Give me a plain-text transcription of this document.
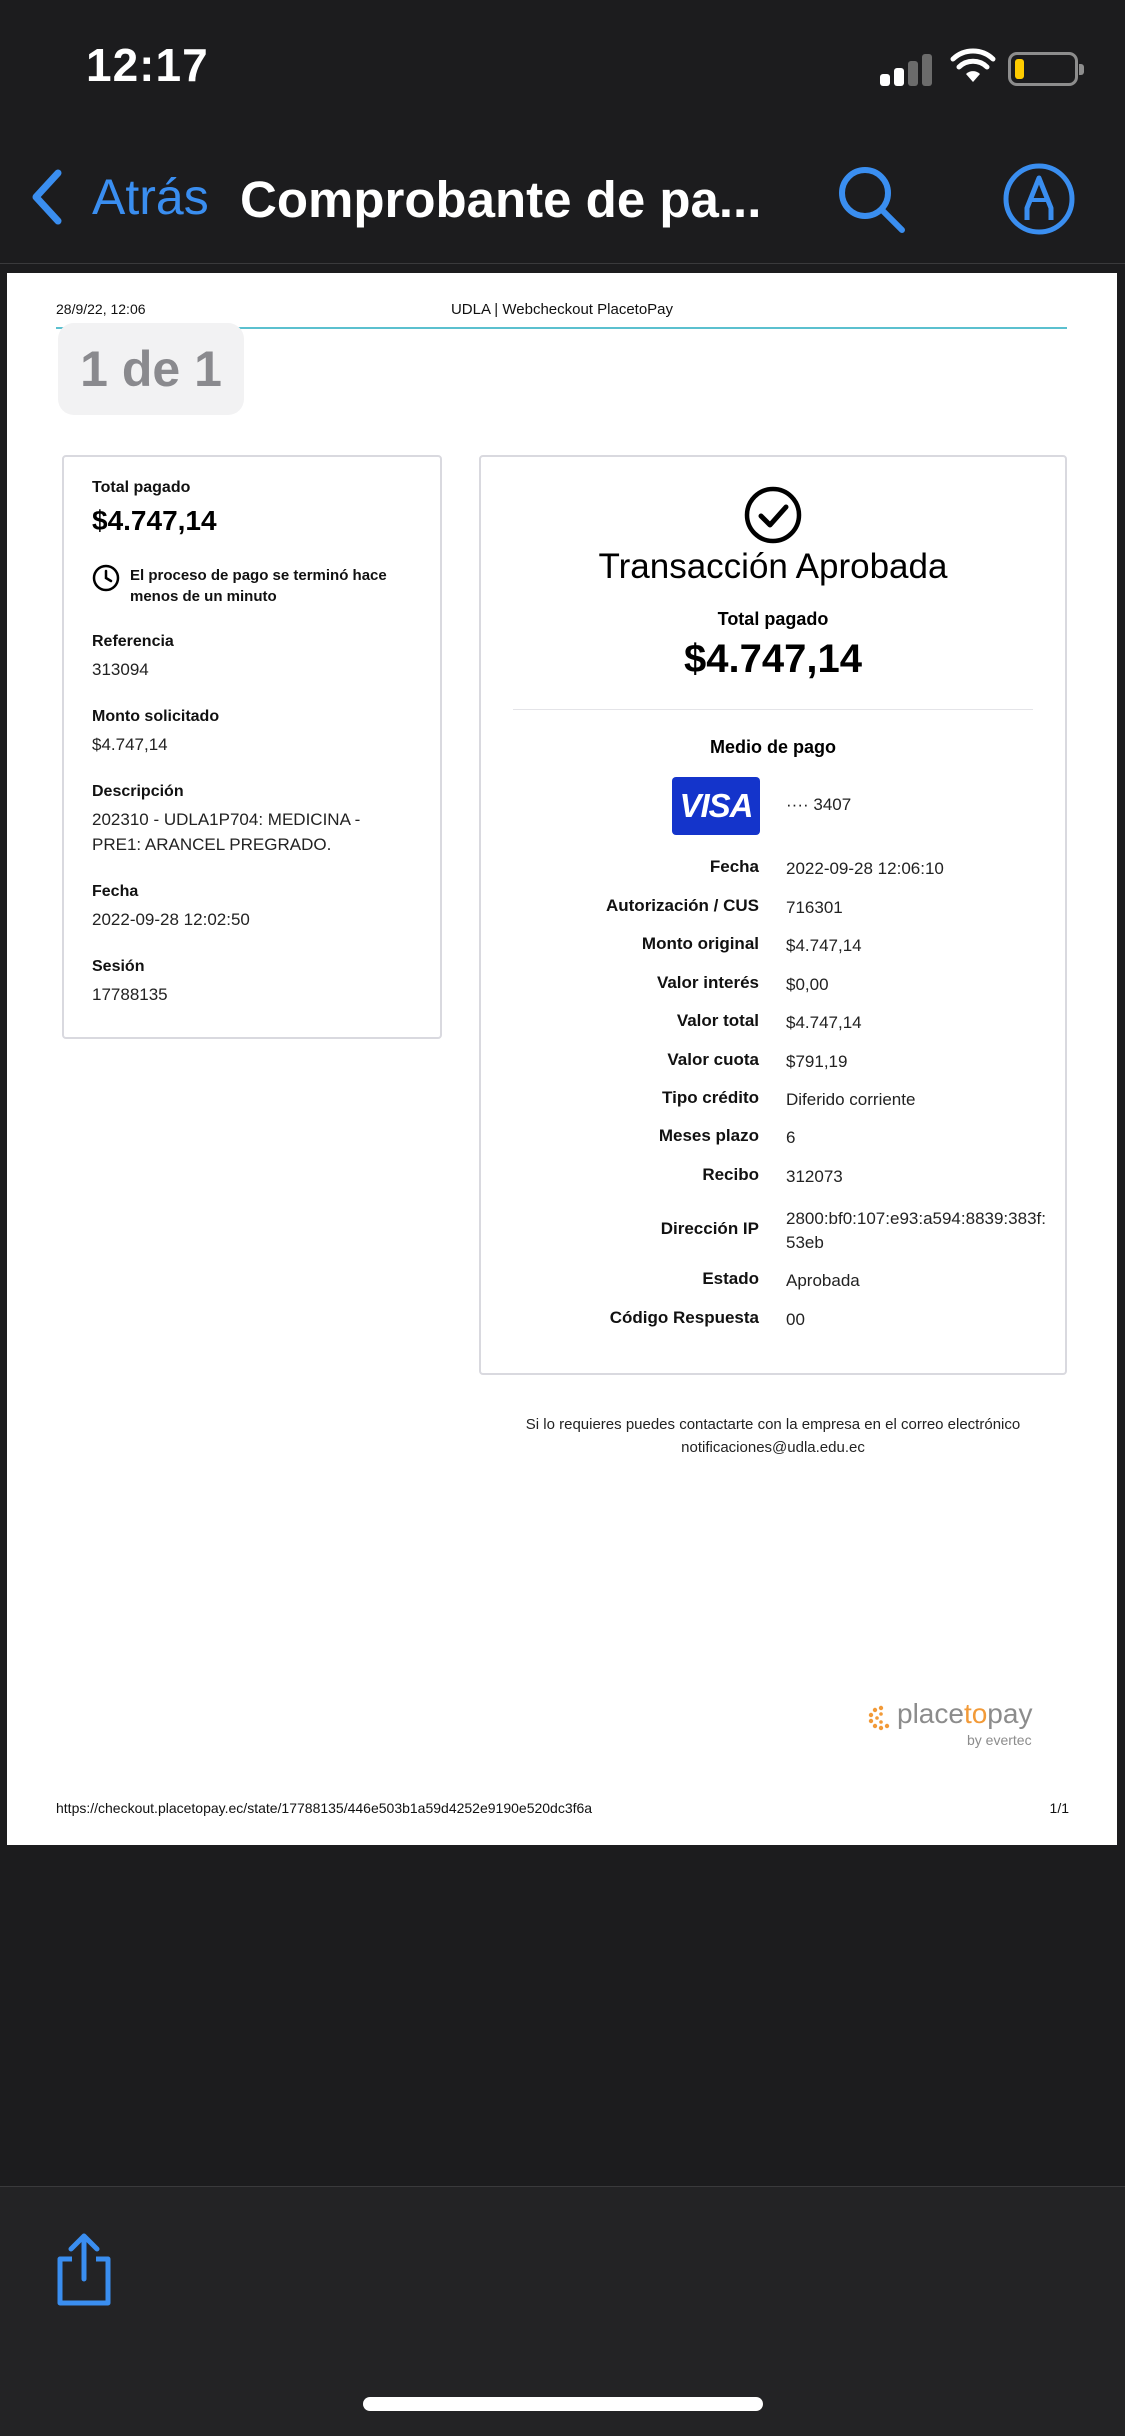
12:17
Atrás Comprobante de pa...
28/9/22, 12:06	UDLA | Webcheckout PlacetoPay
1 de 1
Total pagado
$4.747,14
El proceso de pago se terminó hace menos de un minuto
Referencia
313094
Monto solicitado
$4.747,14
Descripción
202310 - UDLA1P704: MEDICINA - PRE1: ARANCEL PREGRADO.
Fecha
2022-09-28 12:02:50
Sesión
17788135
Transacción Aprobada
Total pagado
$4.747,14
Medio de pago
VISA	···· 3407
Fecha 2022-09-28 12:06:10
Autorización / CUS 716301
Monto original $4.747,14
Valor interés $0,00
Valor total $4.747,14
Valor cuota $791,19
Tipo crédito Diferido corriente
Meses plazo 6
Recibo 312073
Dirección IP
2800:bf0:107:e93:a594:8839:383f:53eb
Estado Aprobada
Código Respuesta 00
Si lo requieres puedes contactarte con la empresa en el correo electrónico notificaciones@udla.edu.ec
placetopay
by evertec
https://checkout.placetopay.ec/state/17788135/446e503b1a59d4252e9190e520dc3f6a	1/1
